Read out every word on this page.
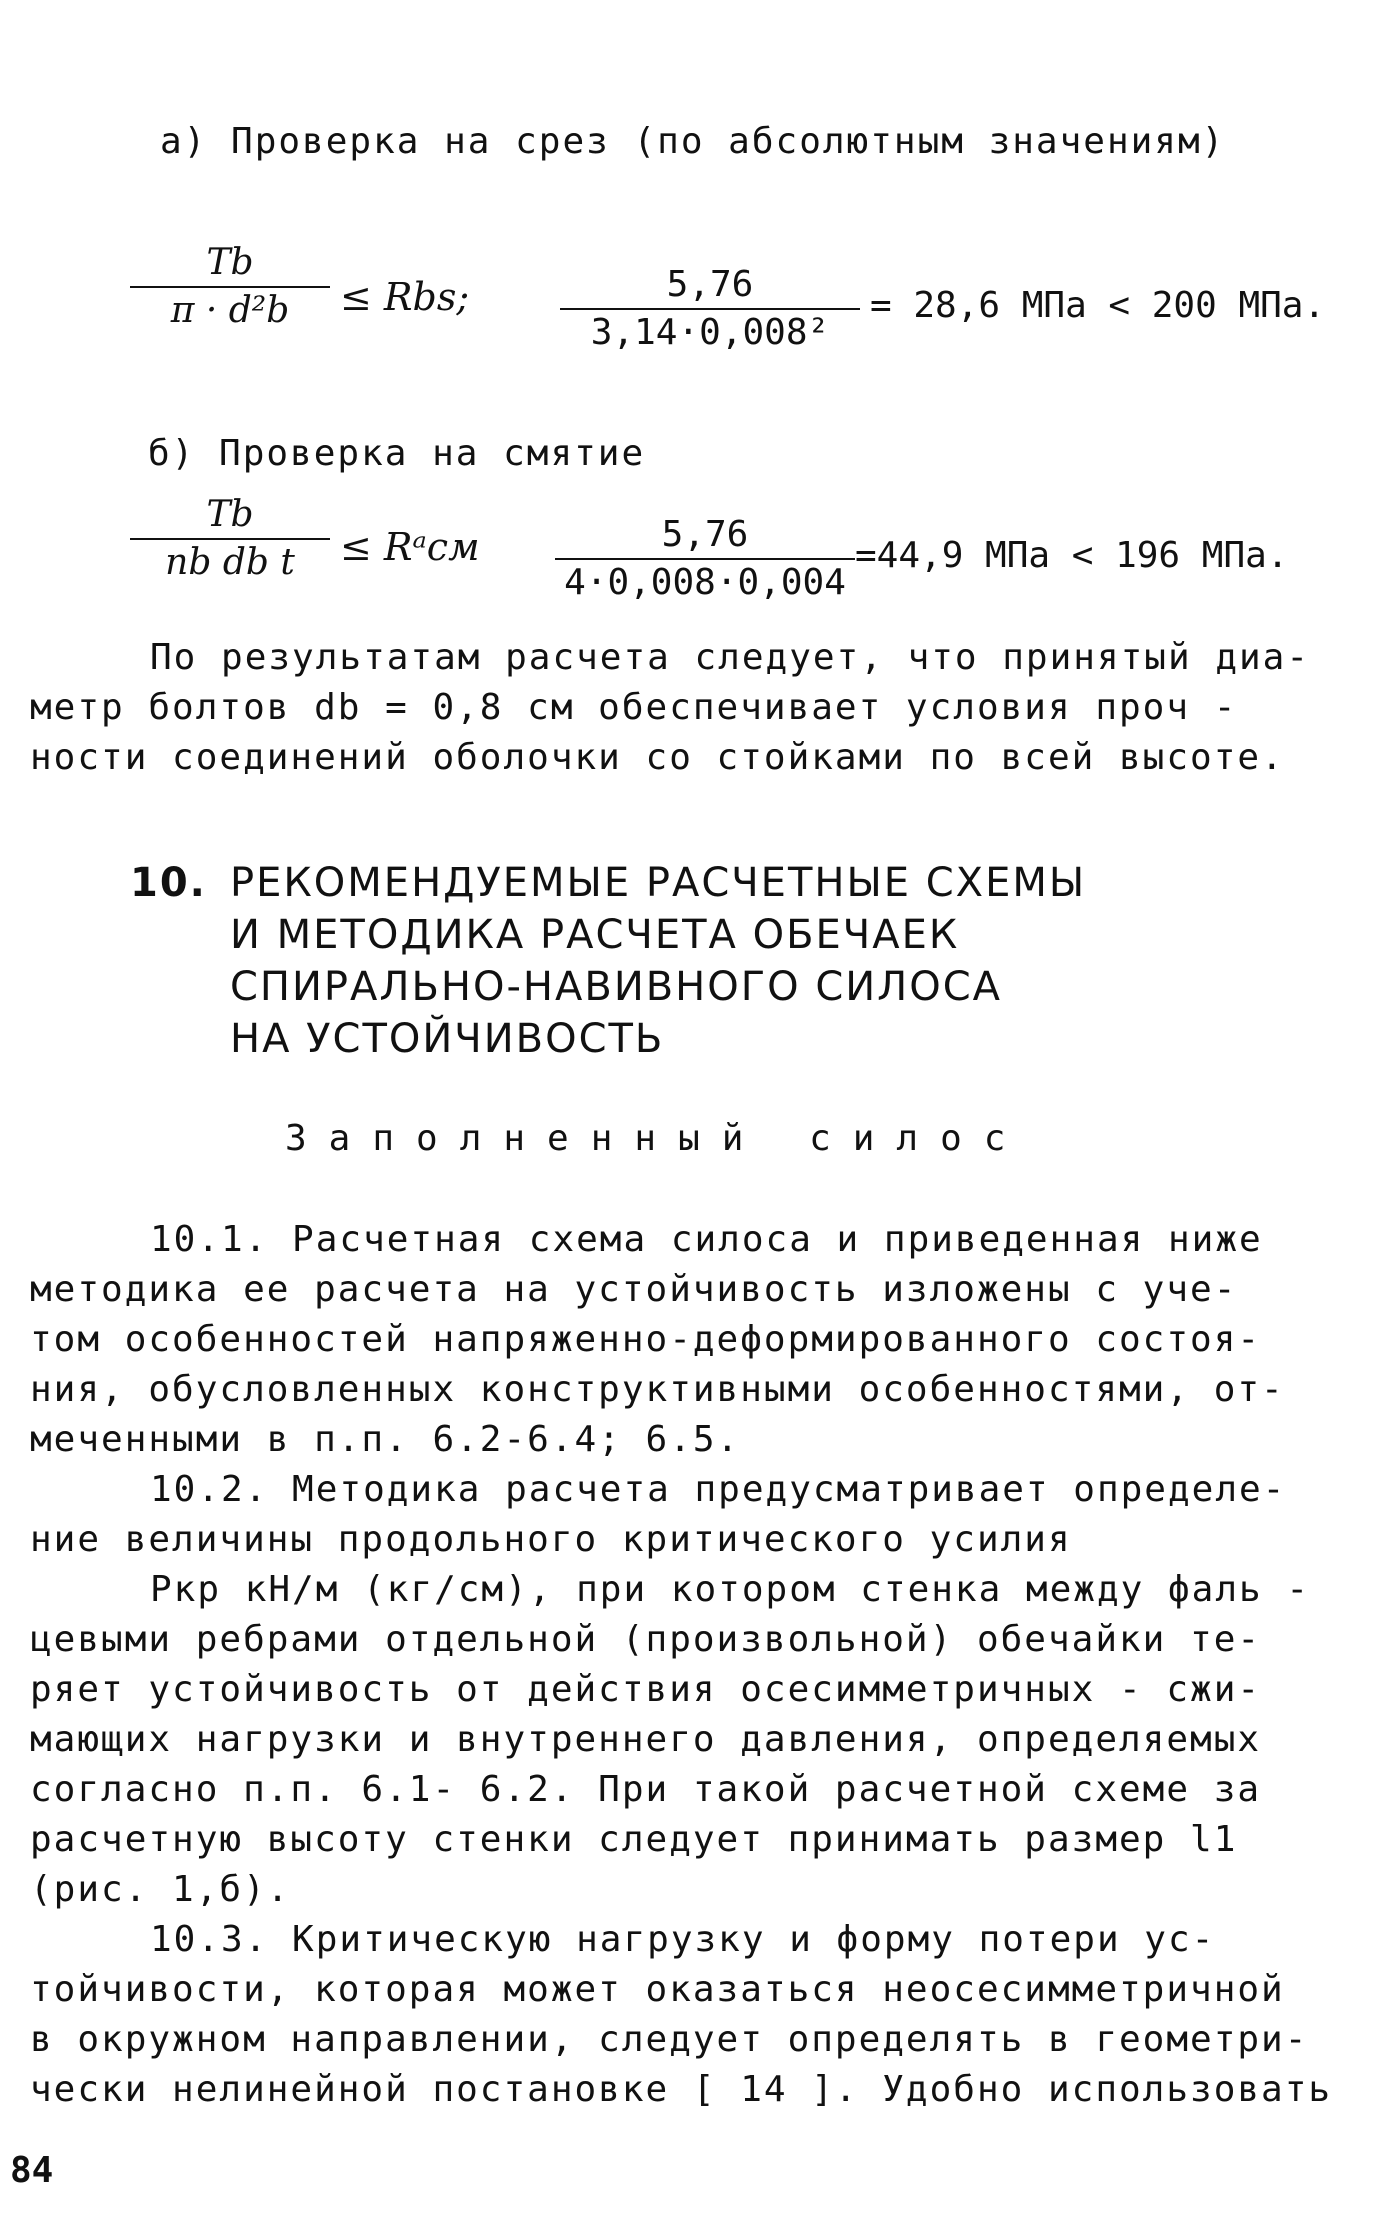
а) Проверка на срез (по абсолютным значениям)
Tb
π · d²b	≤ Rbs;	5,76
3,14·0,008²
= 28,6 МПа < 200 МПа.
б) Проверка на смятие
Tb
nb db t	≤ Rᵃсм	5,76
4·0,008·0,004
=44,9 МПа < 196 МПа.
По результатам расчета следует, что принятый диа-
метр болтов db = 0,8 см обеспечивает условия проч -
ности соединений оболочки со стойками по всей высоте.
10. РЕКОМЕНДУЕМЫЕ РАСЧЕТНЫЕ СХЕМЫ
И МЕТОДИКА РАСЧЕТА ОБЕЧАЕК
СПИРАЛЬНО-НАВИВНОГО СИЛОСА
НА УСТОЙЧИВОСТЬ
Заполненный силос
10.1. Расчетная схема силоса и приведенная ниже
методика ее расчета на устойчивость изложены с уче-
том особенностей напряженно-деформированного состоя-
ния, обусловленных конструктивными особенностями, от-
меченными в п.п. 6.2-6.4; 6.5.
10.2. Методика расчета предусматривает определе-
ние величины продольного критического усилия
Pкр кН/м (кг/см), при котором стенка между фаль -
цевыми ребрами отдельной (произвольной) обечайки те-
ряет устойчивость от действия осесимметричных - сжи-
мающих нагрузки и внутреннего давления, определяемых
согласно п.п. 6.1- 6.2. При такой расчетной схеме за
расчетную высоту стенки следует принимать размер l1
(рис. 1,б).
10.3. Критическую нагрузку и форму потери ус-
тойчивости, которая может оказаться неосесимметричной
в окружном направлении, следует определять в геометри-
чески нелинейной постановке [ 14 ]. Удобно использовать
84
